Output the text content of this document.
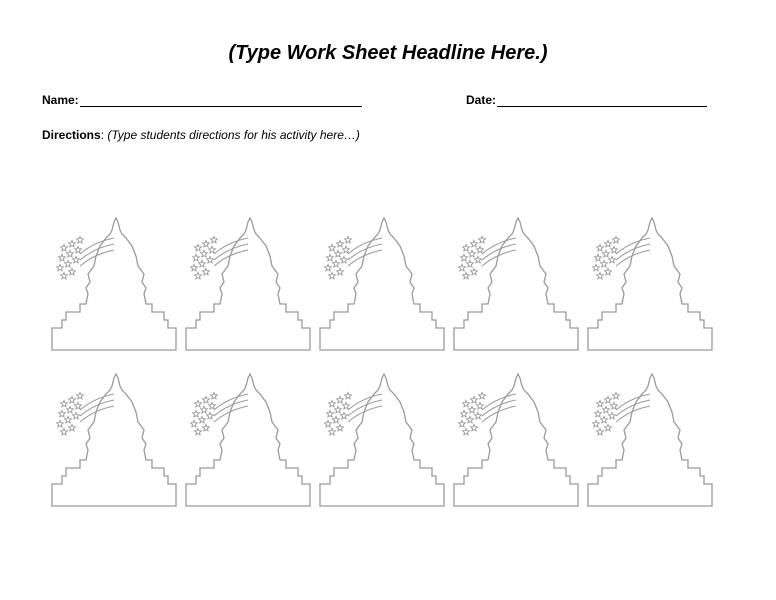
(Type Work Sheet Headline Here.)
Name:	Date:
Directions: (Type students directions for his activity here…)
